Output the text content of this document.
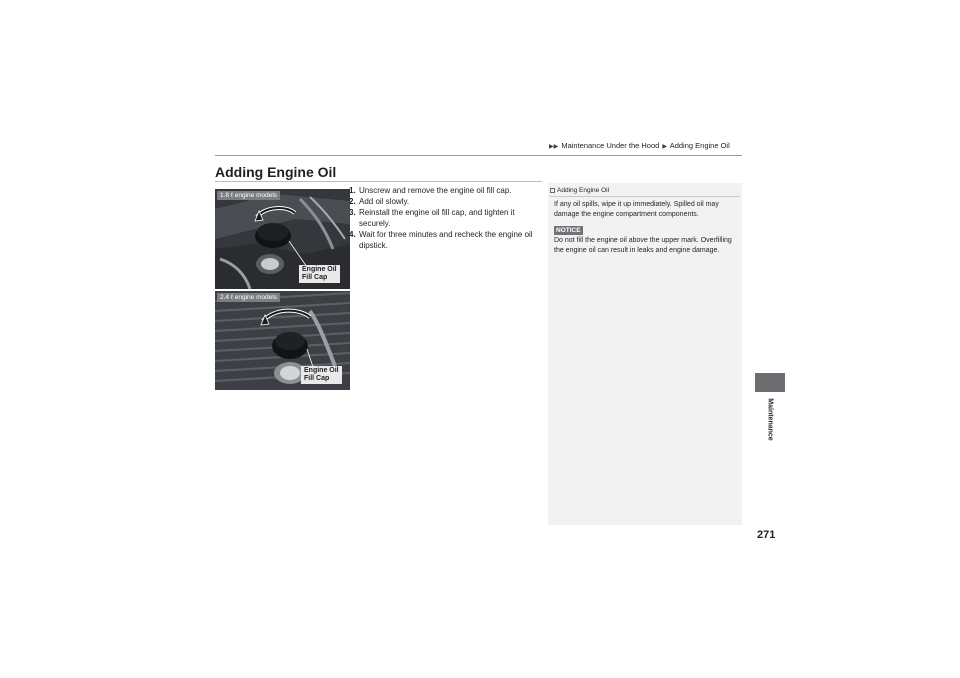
▶▶ Maintenance Under the Hood ▶ Adding Engine Oil
Adding Engine Oil
1.8 ℓ engine models
Engine Oil
Fill Cap
2.4 ℓ engine models
Engine Oil
Fill Cap
1. Unscrew and remove the engine oil fill cap.
2. Add oil slowly.
3. Reinstall the engine oil fill cap, and tighten it securely.
4. Wait for three minutes and recheck the engine oil dipstick.
Adding Engine Oil

If any oil spills, wipe it up immediately. Spilled oil may damage the engine compartment components.

NOTICE

Do not fill the engine oil above the upper mark. Overfilling the engine oil can result in leaks and engine damage.

Maintenance
271
